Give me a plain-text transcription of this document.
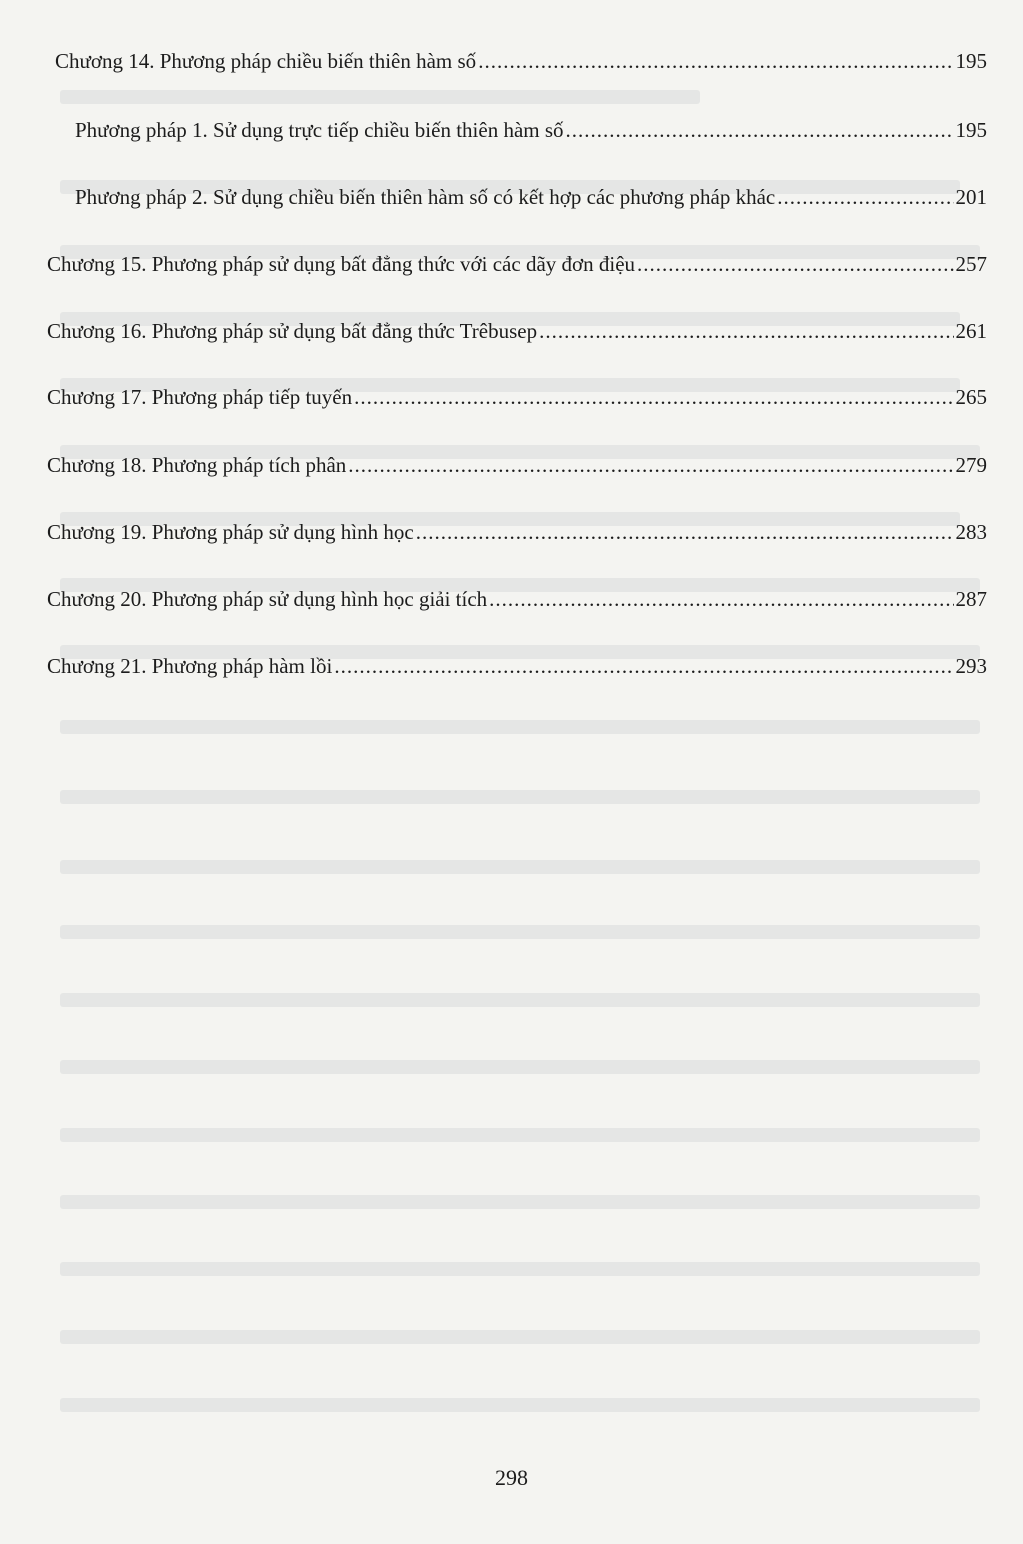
Chương 14. Phương pháp chiều biến thiên hàm số .....	195
Phương pháp 1. Sử dụng trực tiếp chiều biến thiên hàm số .....	195
Phương pháp 2. Sử dụng chiều biến thiên hàm số có kết hợp các phương pháp khác .....	201
Chương 15. Phương pháp sử dụng bất đẳng thức với các dãy đơn điệu .....	257
Chương 16. Phương pháp sử dụng bất đẳng thức Trêbusep .....	261
Chương 17. Phương pháp tiếp tuyến .....	265
Chương 18. Phương pháp tích phân .....	279
Chương 19. Phương pháp sử dụng hình học .....	283
Chương 20. Phương pháp sử dụng hình học giải tích .....	287
Chương 21. Phương pháp hàm lồi .....	293
298
